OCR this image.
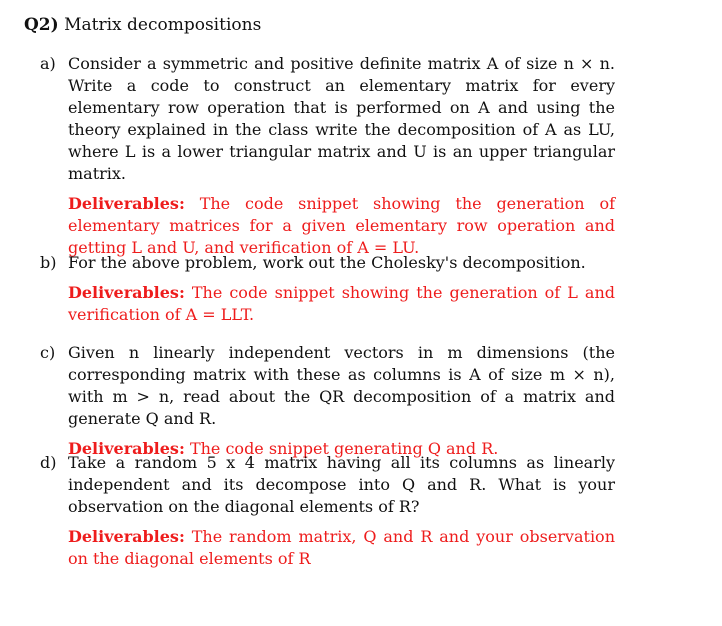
Q2) Matrix decompositions
a) Consider a symmetric and positive definite matrix A of size n × n. Write a code to construct an elementary matrix for every elementary row operation that is performed on A and using the theory explained in the class write the decomposition of A as LU, where L is a lower triangular matrix and U is an upper triangular matrix.
Deliverables: The code snippet showing the generation of elementary matrices for a given elementary row operation and getting L and U, and verification of A = LU.
b) For the above problem, work out the Cholesky's decomposition.
Deliverables: The code snippet showing the generation of L and verification of A = LLT.
c) Given n linearly independent vectors in m dimensions (the corresponding matrix with these as columns is A of size m × n), with m > n, read about the QR decomposition of a matrix and generate Q and R.
Deliverables: The code snippet generating Q and R.
d) Take a random 5 x 4 matrix having all its columns as linearly independent and its decompose into Q and R. What is your observation on the diagonal elements of R?
Deliverables: The random matrix, Q and R and your observation on the diagonal elements of R
